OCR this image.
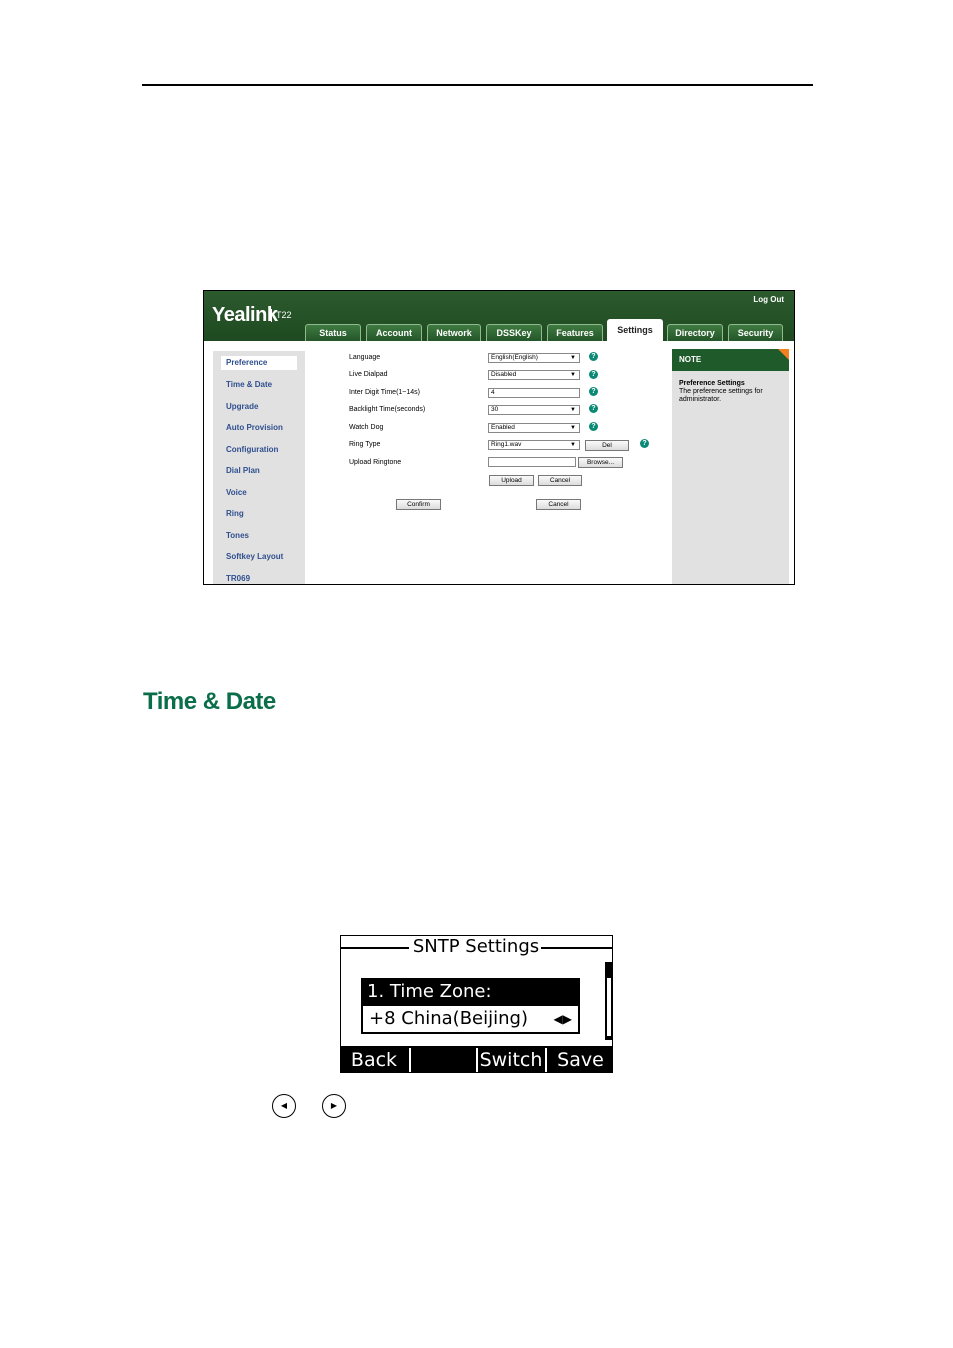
Yealink
T22
Log Out
Status	Account	Network	DSSKey	Features	Settings	Directory	Security
Preference
Time & Date
Upgrade
Auto Provision
Configuration
Dial Plan
Voice
Ring
Tones
Softkey Layout
TR069
Language	English(English)	▼	?
Live Dialpad	Disabled	▼	?
Inter Digit Time(1~14s)	4	?
Backlight Time(seconds)	30	▼	?
Watch Dog	Enabled	▼	?
Ring Type	Ring1.wav	▼	Del	?
Upload Ringtone	Browse...
Upload	Cancel
Confirm	Cancel
NOTE
Preference Settings
The preference settings for administrator.
Time & Date
SNTP Settings
1. Time Zone:
+8 China(Beijing) ◀▶
Back	Switch Save
◀	▶
